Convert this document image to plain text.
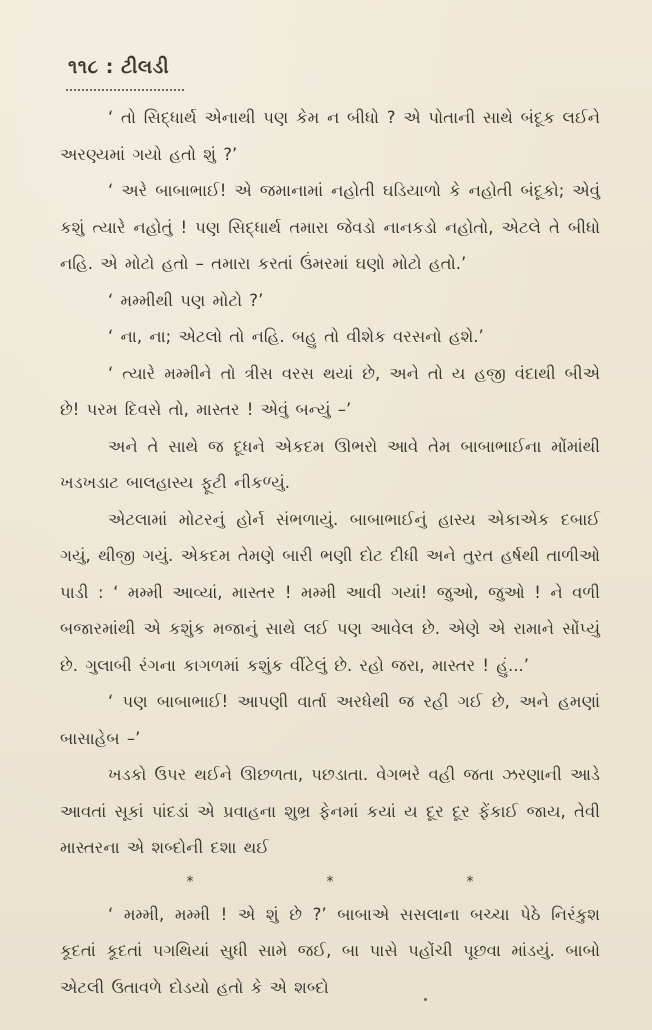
૧૧૮ : ટીલડી

‘ તો સિદ્ધાર્થ એનાથી પણ કેમ ન બીધો ? એ પોતાની સાથે બંદૂક લઈને અરણ્યમાં ગયો હતો શું ?’

‘ અરે બાબાભાઈ! એ જમાનામાં નહોતી ઘડિયાળો કે નહોતી બંદૂકો; એવું કશું ત્યારે નહોતું ! પણ સિદ્ધાર્થ તમારા જેવડો નાનકડો નહોતો, એટલે તે બીધો નહિ. એ મોટો હતો – તમારા કરતાં ઉંમરમાં ઘણો મોટો હતો.’

‘ મમ્મીથી પણ મોટો ?’

‘ ના, ના; એટલો તો નહિ. બહુ તો વીશેક વરસનો હશે.’

‘ ત્યારે મમ્મીને તો ત્રીસ વરસ થયાં છે, અને તો ય હજી વંદાથી બીએ છે! પરમ દિવસે તો, માસ્તર ! એવું બન્યું –’

અને તે સાથે જ દૂધને એકદમ ઊભરો આવે તેમ બાબાભાઈના મોંમાંથી ખડખડાટ બાલહાસ્ય ફૂટી નીકળ્યું.

એટલામાં મોટરનું હોર્ન સંભળાયું. બાબાભાઈનું હાસ્ય એકાએક દબાઈ ગયું, થીજી ગયું. એકદમ તેમણે બારી ભણી દોટ દીધી અને તુરત હર્ષથી તાળીઓ પાડી : ‘ મમ્મી આવ્યાં, માસ્તર ! મમ્મી આવી ગયાં! જુઓ, જુઓ ! ને વળી બજારમાંથી એ કશુંક મજાનું સાથે લઈ પણ આવેલ છે. એણે એ રામાને સોંપ્યું છે. ગુલાબી રંગના કાગળમાં કશુંક વીંટેલું છે. રહો જરા, માસ્તર ! હું...’

‘ પણ બાબાભાઈ! આપણી વાર્તા અરધેથી જ રહી ગઈ છે, અને હમણાં બાસાહેબ –’

ખડકો ઉપર થઈને ઊછળતા, પછડાતા. વેગભરે વહી જતા ઝરણાની આડે આવતાં સૂકાં પાંદડાં એ પ્રવાહના શુભ્ર ફેનમાં કયાં ય દૂર દૂર ફેંકાઈ જાય, તેવી માસ્તરના એ શબ્દોની દશા થઈ

*	*	*

‘ મમ્મી, મમ્મી ! એ શું છે ?’ બાબાએ સસલાના બચ્ચા પેઠે નિરંકુશ કૂદતાં કૂદતાં પગથિયાં સુધી સામે જઈ, બા પાસે પહોંચી પૂછવા માંડયું. બાબો એટલી ઉતાવળે દોડયો હતો કે એ શબ્દો
